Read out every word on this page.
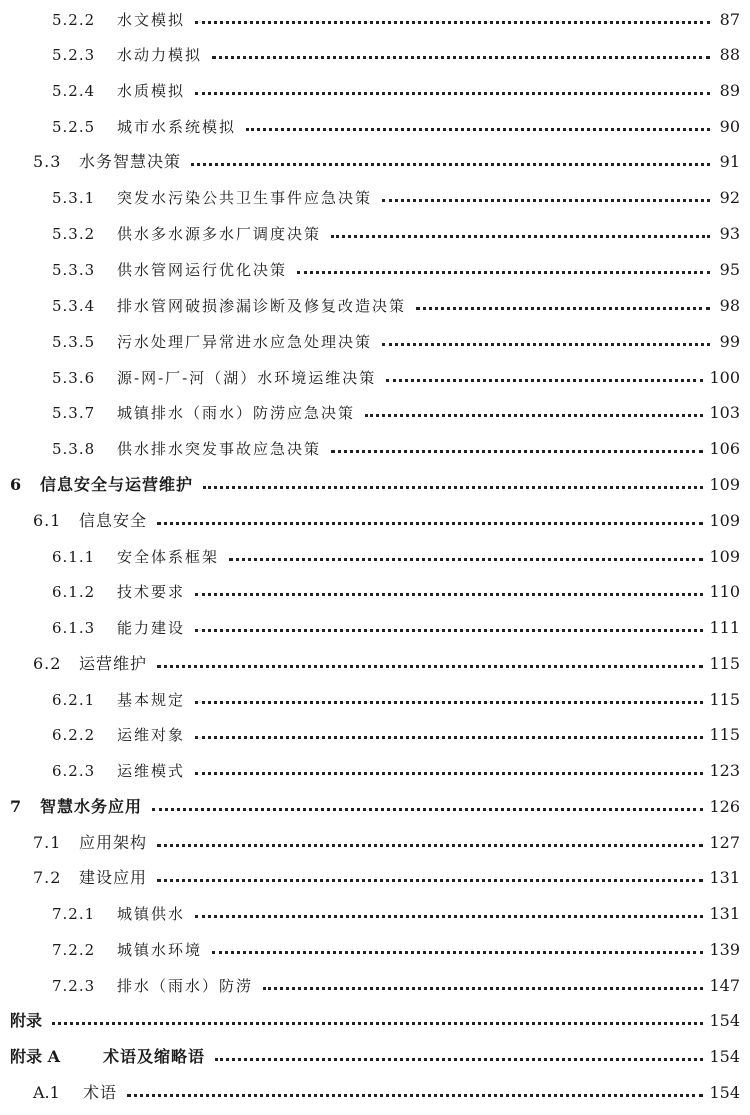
5.2.2	水文模拟	87
5.2.3	水动力模拟	88
5.2.4	水质模拟	89
5.2.5	城市水系统模拟	90
5.3	水务智慧决策	91
5.3.1	突发水污染公共卫生事件应急决策	92
5.3.2	供水多水源多水厂调度决策	93
5.3.3	供水管网运行优化决策	95
5.3.4	排水管网破损渗漏诊断及修复改造决策	98
5.3.5	污水处理厂异常进水应急处理决策	99
5.3.6	源-网-厂-河（湖）水环境运维决策	100
5.3.7	城镇排水（雨水）防涝应急决策	103
5.3.8	供水排水突发事故应急决策	106
6	信息安全与运营维护	109
6.1	信息安全	109
6.1.1	安全体系框架	109
6.1.2	技术要求	110
6.1.3	能力建设	111
6.2	运营维护	115
6.2.1	基本规定	115
6.2.2	运维对象	115
6.2.3	运维模式	123
7	智慧水务应用	126
7.1	应用架构	127
7.2	建设应用	131
7.2.1	城镇供水	131
7.2.2	城镇水环境	139
7.2.3	排水（雨水）防涝	147
附录	154
附录 A	术语及缩略语	154
A.1	术语	154
